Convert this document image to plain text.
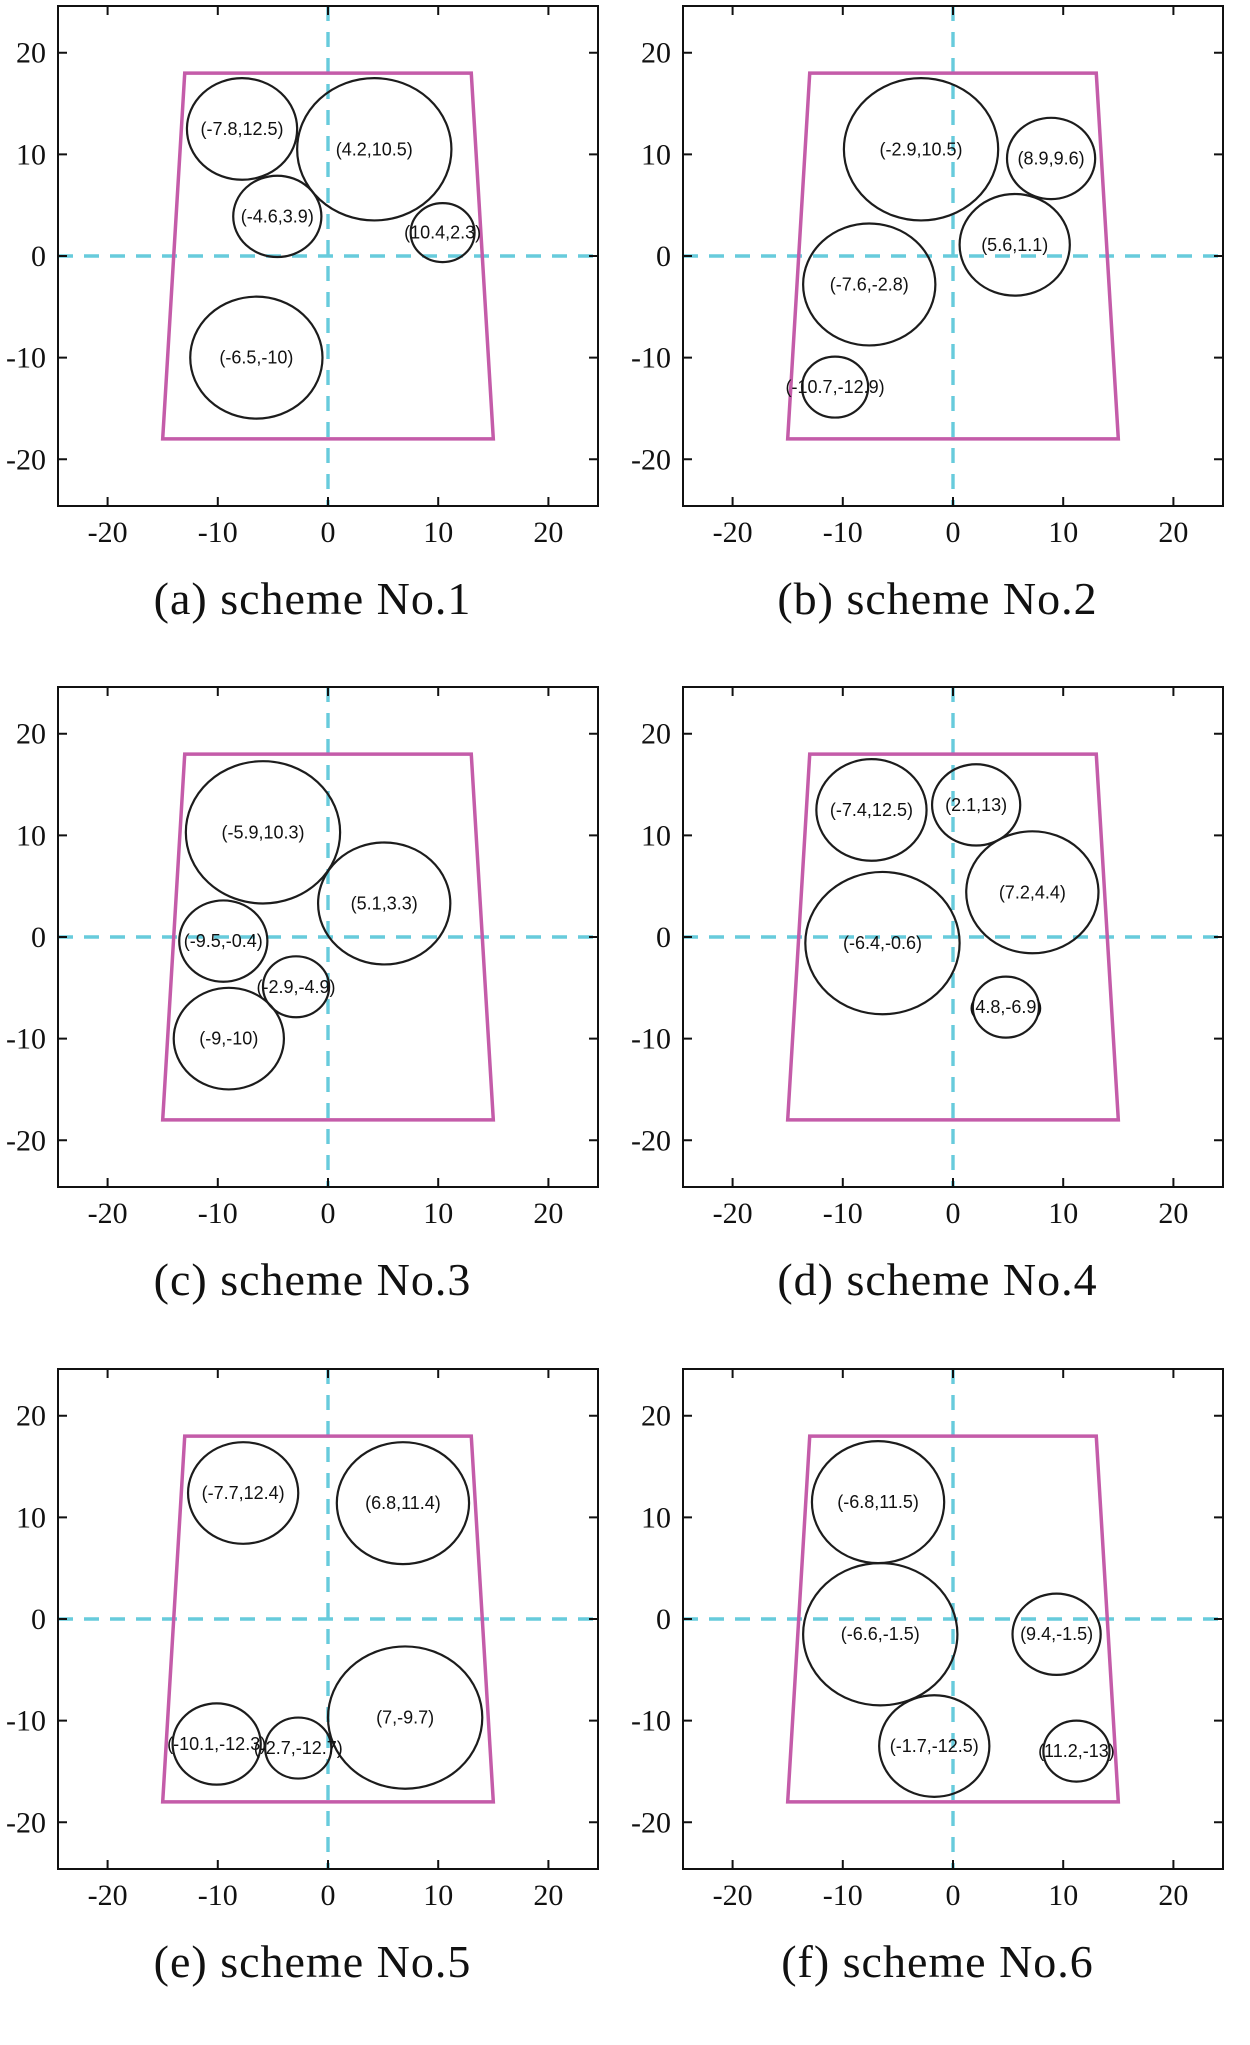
(-7.8,12.5)
(4.2,10.5)
(-4.6,3.9)
(10.4,2.3)
(-6.5,-10)
-20 -10	0	10	20
-20
-10
0
10
20
(a) scheme No.1
(-2.9,10.5)	(8.9,9.6)
(5.6,1.1)
(-7.6,-2.8)
(-10.7,-12.9)
-20 -10	0	10	20
-20
-10
0
10
20
(b) scheme No.2
(-5.9,10.3)
(5.1,3.3)
(-9.5,-0.4)
(-2.9,-4.9)
(-9,-10)
-20 -10	0	10	20
-20
-10
0
10
20
(c) scheme No.3
(-7.4,12.5) (2.1,13)
(7.2,4.4)
(-6.4,-0.6)
(4.8,-6.9)
-20 -10	0	10	20
-20
-10
0
10
20
(d) scheme No.4
(-7.7,12.4)
(6.8,11.4)
(7,-9.7)
(-10.1,-12.3)
(-2.7,-12.7)
-20 -10	0	10	20
-20
-10
0
10
20
(e) scheme No.5
(-6.8,11.5)
(-6.6,-1.5)	(9.4,-1.5)
(-1.7,-12.5)	(11.2,-13)
-20 -10	0	10	20
-20
-10
0
10
20
(f) scheme No.6
